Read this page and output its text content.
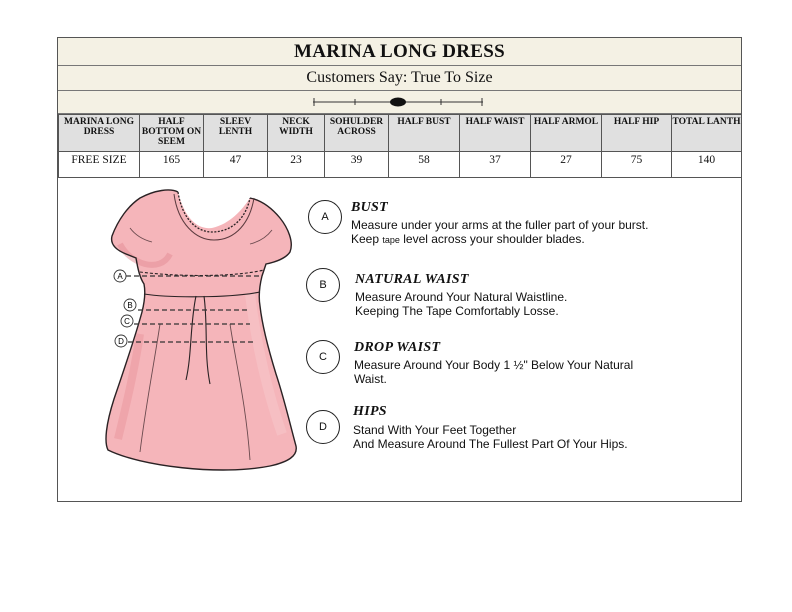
MARINA LONG DRESS
Customers Say: True To Size
MARINA LONG DRESS	HALF BOTTOM ON SEEM	SLEEV LENTH	NECK WIDTH	SOHULDER ACROSS	HALF BUST	HALF WAIST	HALF ARMOL	HALF HIP	TOTAL LANTH
FREE SIZE	165	47	23	39	58	37	27	75	140
A
B
C
D
A
BUST
Measure under your arms at the fuller part of your burst.
Keep tape level across your shoulder blades.
B	NATURAL WAIST
Measure Around Your Natural Waistline.
Keeping The Tape Comfortably Losse.
C
DROP WAIST
Measure Around Your Body 1 ½" Below Your Natural
Waist.
D
HIPS
Stand With Your Feet Together
And Measure Around The Fullest Part Of Your Hips.
